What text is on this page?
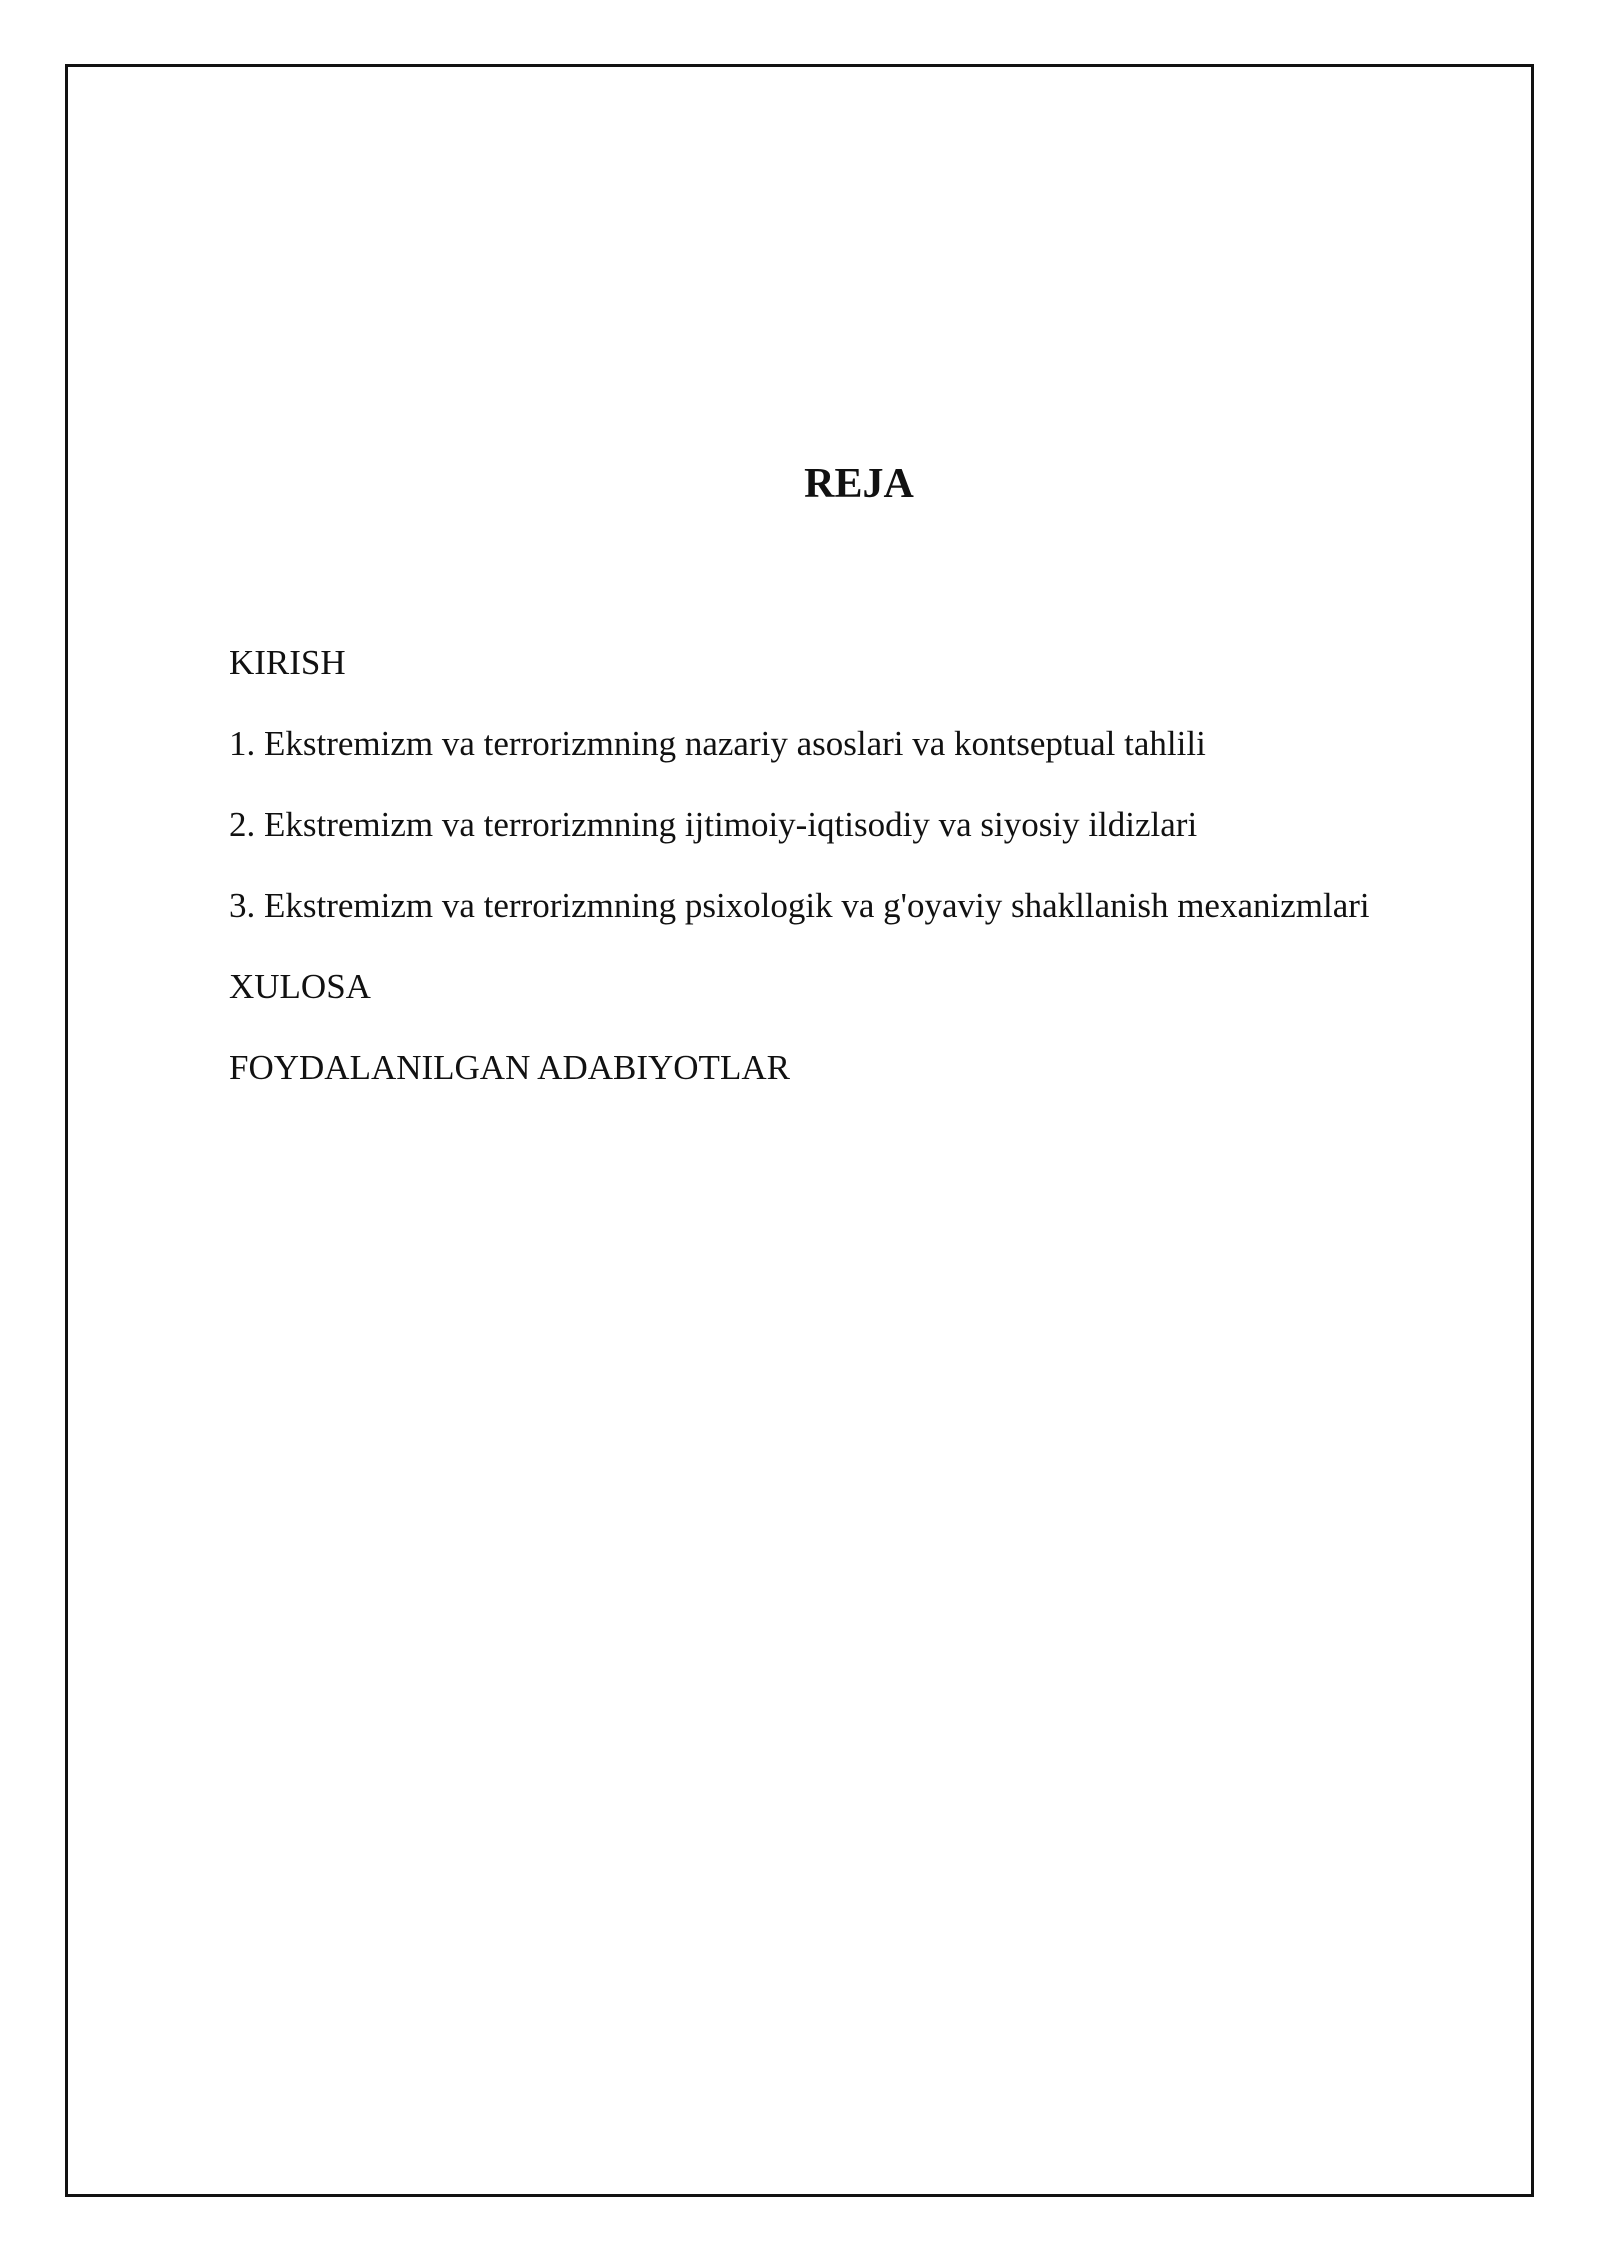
REJA
KIRISH
1. Ekstremizm va terrorizmning nazariy asoslari va kontseptual tahlili
2. Ekstremizm va terrorizmning ijtimoiy-iqtisodiy va siyosiy ildizlari
3. Ekstremizm va terrorizmning psixologik va g'oyaviy shakllanish mexanizmlari
XULOSA
FOYDALANILGAN ADABIYOTLAR
